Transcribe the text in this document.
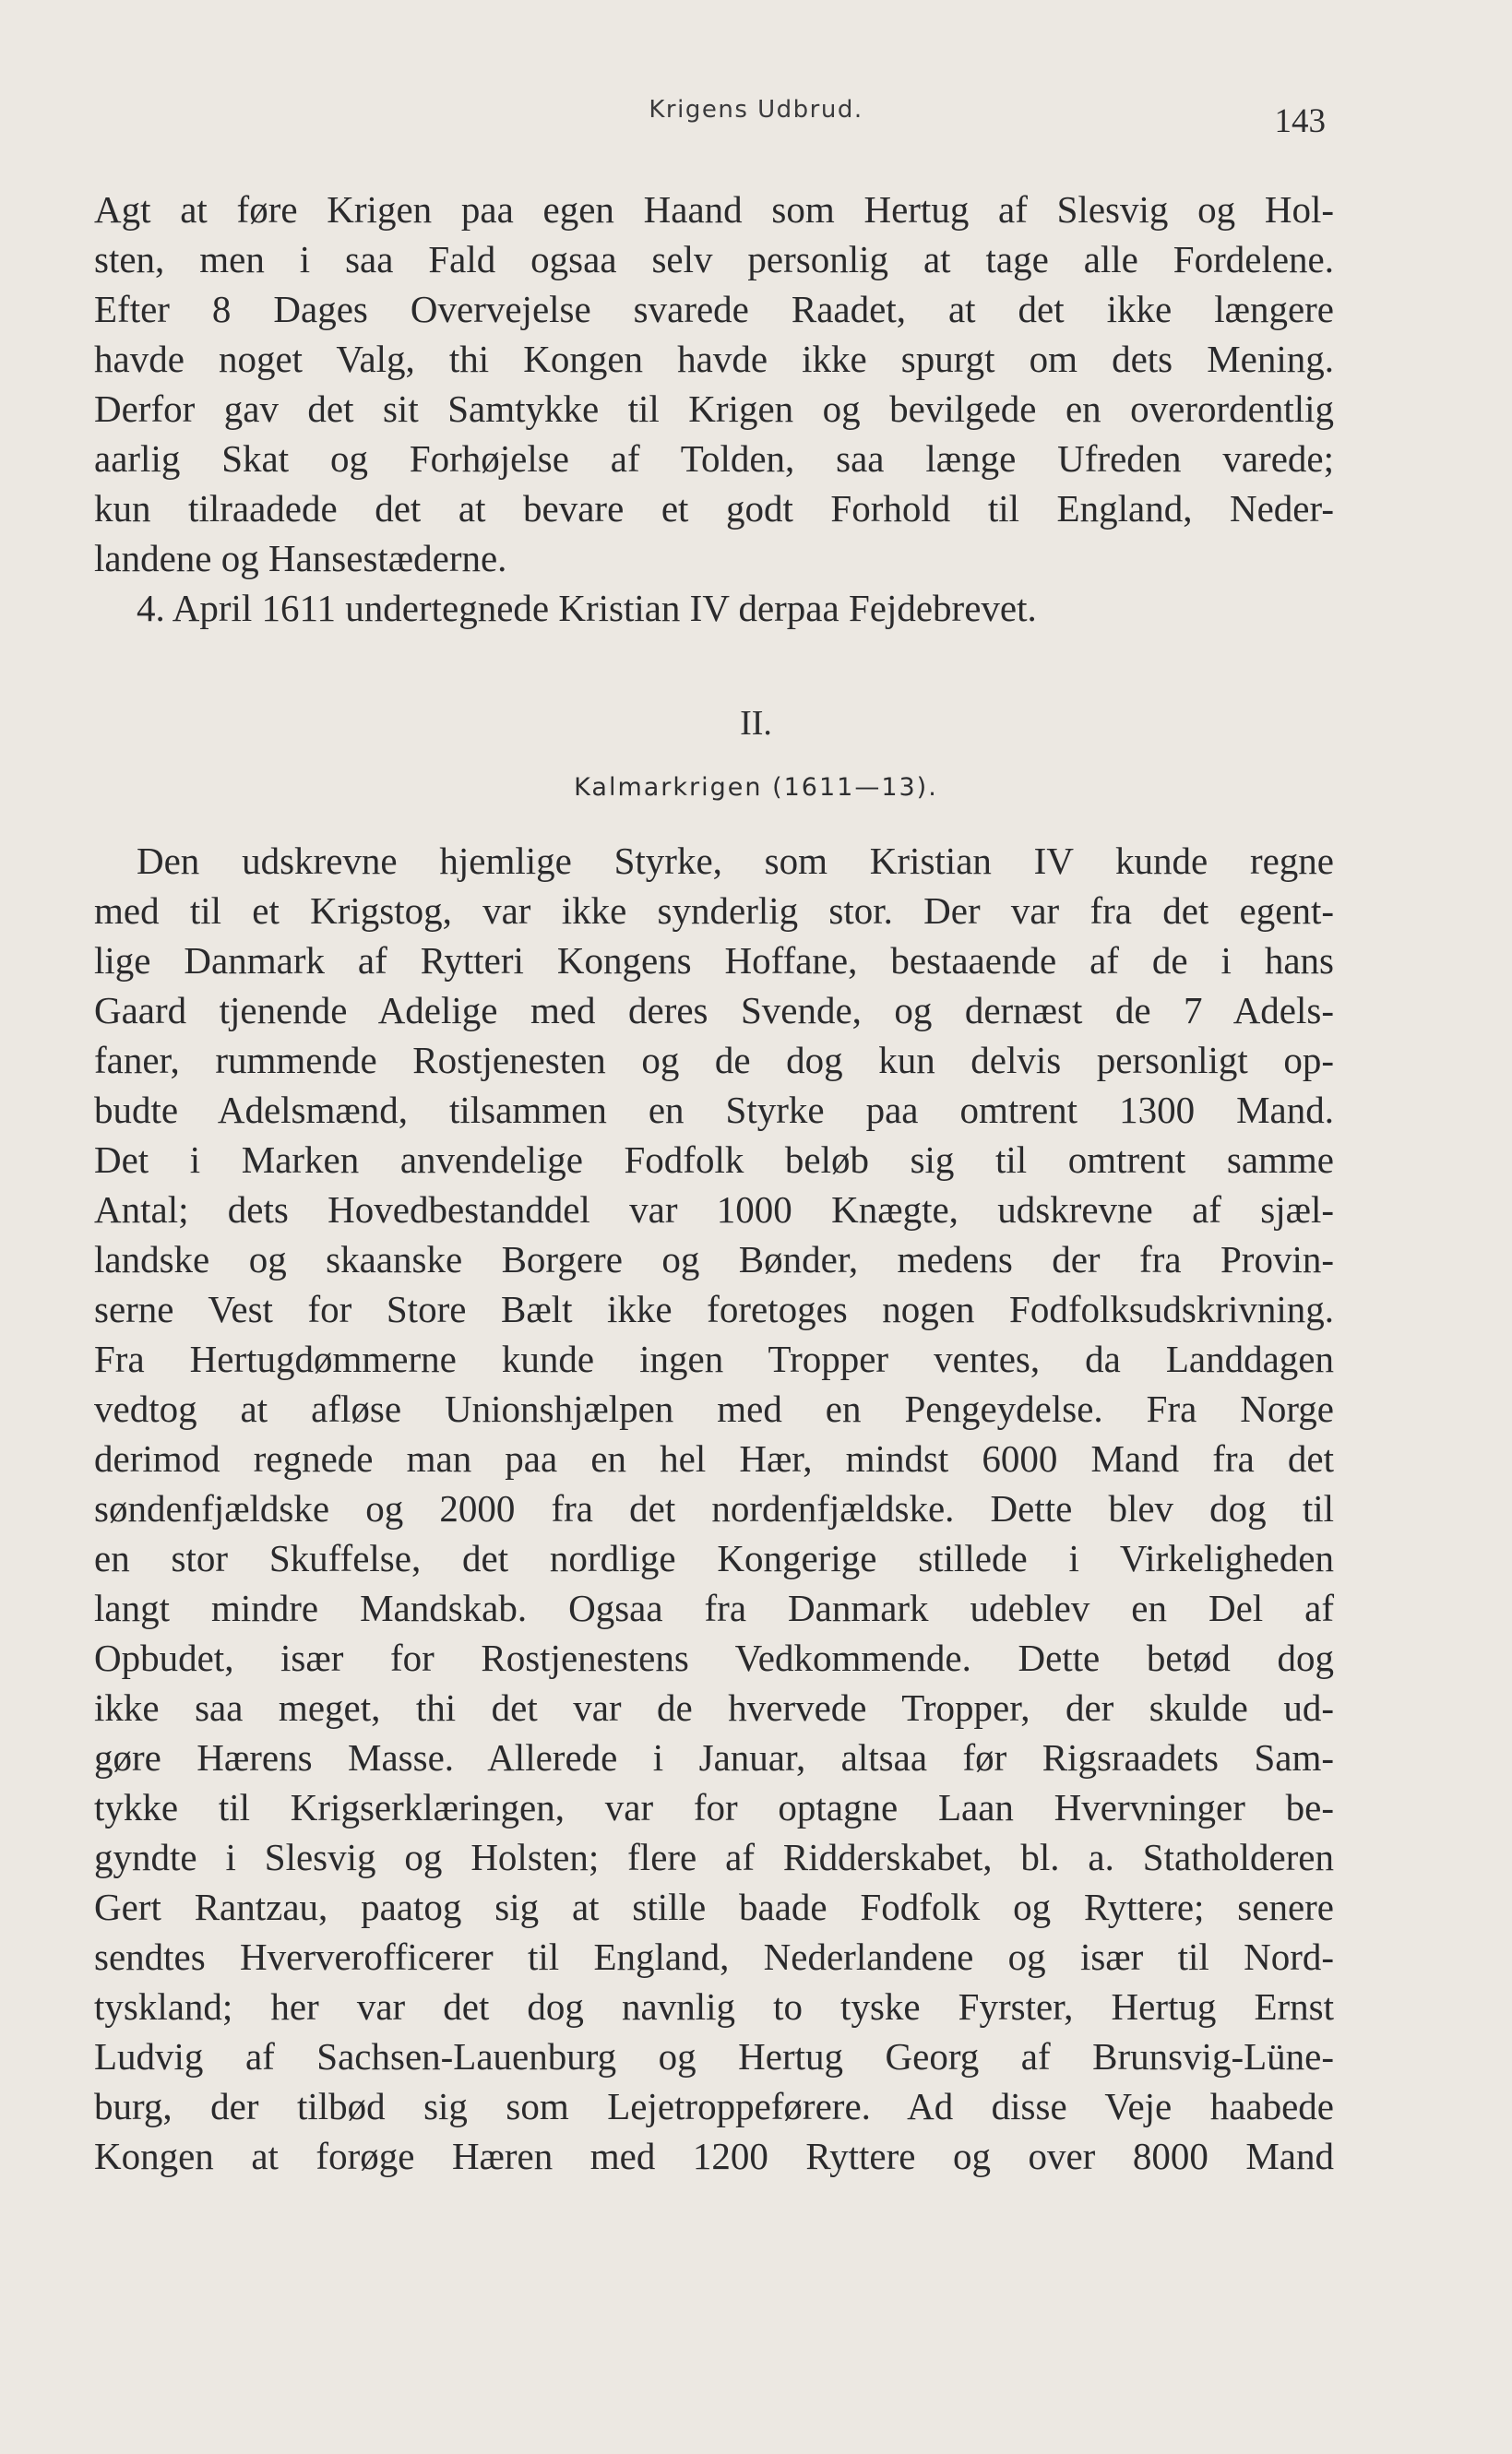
Krigens Udbrud.	143
Agt at føre Krigen paa egen Haand som Hertug af Slesvig og Hol-
sten, men i saa Fald ogsaa selv personlig at tage alle Fordelene.
Efter 8 Dages Overvejelse svarede Raadet, at det ikke længere
havde noget Valg, thi Kongen havde ikke spurgt om dets Mening.
Derfor gav det sit Samtykke til Krigen og bevilgede en overordentlig
aarlig Skat og Forhøjelse af Tolden, saa længe Ufreden varede;
kun tilraadede det at bevare et godt Forhold til England, Neder-
landene og Hansestæderne.
4. April 1611 undertegnede Kristian IV derpaa Fejdebrevet.
II.
Kalmarkrigen (1611—13).
Den udskrevne hjemlige Styrke, som Kristian IV kunde regne
med til et Krigstog, var ikke synderlig stor. Der var fra det egent-
lige Danmark af Rytteri Kongens Hoffane, bestaaende af de i hans
Gaard tjenende Adelige med deres Svende, og dernæst de 7 Adels-
faner, rummende Rostjenesten og de dog kun delvis personligt op-
budte Adelsmænd, tilsammen en Styrke paa omtrent 1300 Mand.
Det i Marken anvendelige Fodfolk beløb sig til omtrent samme
Antal; dets Hovedbestanddel var 1000 Knægte, udskrevne af sjæl-
landske og skaanske Borgere og Bønder, medens der fra Provin-
serne Vest for Store Bælt ikke foretoges nogen Fodfolksudskrivning.
Fra Hertugdømmerne kunde ingen Tropper ventes, da Landdagen
vedtog at afløse Unionshjælpen med en Pengeydelse. Fra Norge
derimod regnede man paa en hel Hær, mindst 6000 Mand fra det
søndenfjældske og 2000 fra det nordenfjældske. Dette blev dog til
en stor Skuffelse, det nordlige Kongerige stillede i Virkeligheden
langt mindre Mandskab. Ogsaa fra Danmark udeblev en Del af
Opbudet, især for Rostjenestens Vedkommende. Dette betød dog
ikke saa meget, thi det var de hvervede Tropper, der skulde ud-
gøre Hærens Masse. Allerede i Januar, altsaa før Rigsraadets Sam-
tykke til Krigserklæringen, var for optagne Laan Hvervninger be-
gyndte i Slesvig og Holsten; flere af Ridderskabet, bl. a. Statholderen
Gert Rantzau, paatog sig at stille baade Fodfolk og Ryttere; senere
sendtes Hververofficerer til England, Nederlandene og især til Nord-
tyskland; her var det dog navnlig to tyske Fyrster, Hertug Ernst
Ludvig af Sachsen-Lauenburg og Hertug Georg af Brunsvig-Lüne-
burg, der tilbød sig som Lejetroppeførere. Ad disse Veje haabede
Kongen at forøge Hæren med 1200 Ryttere og over 8000 Mand
